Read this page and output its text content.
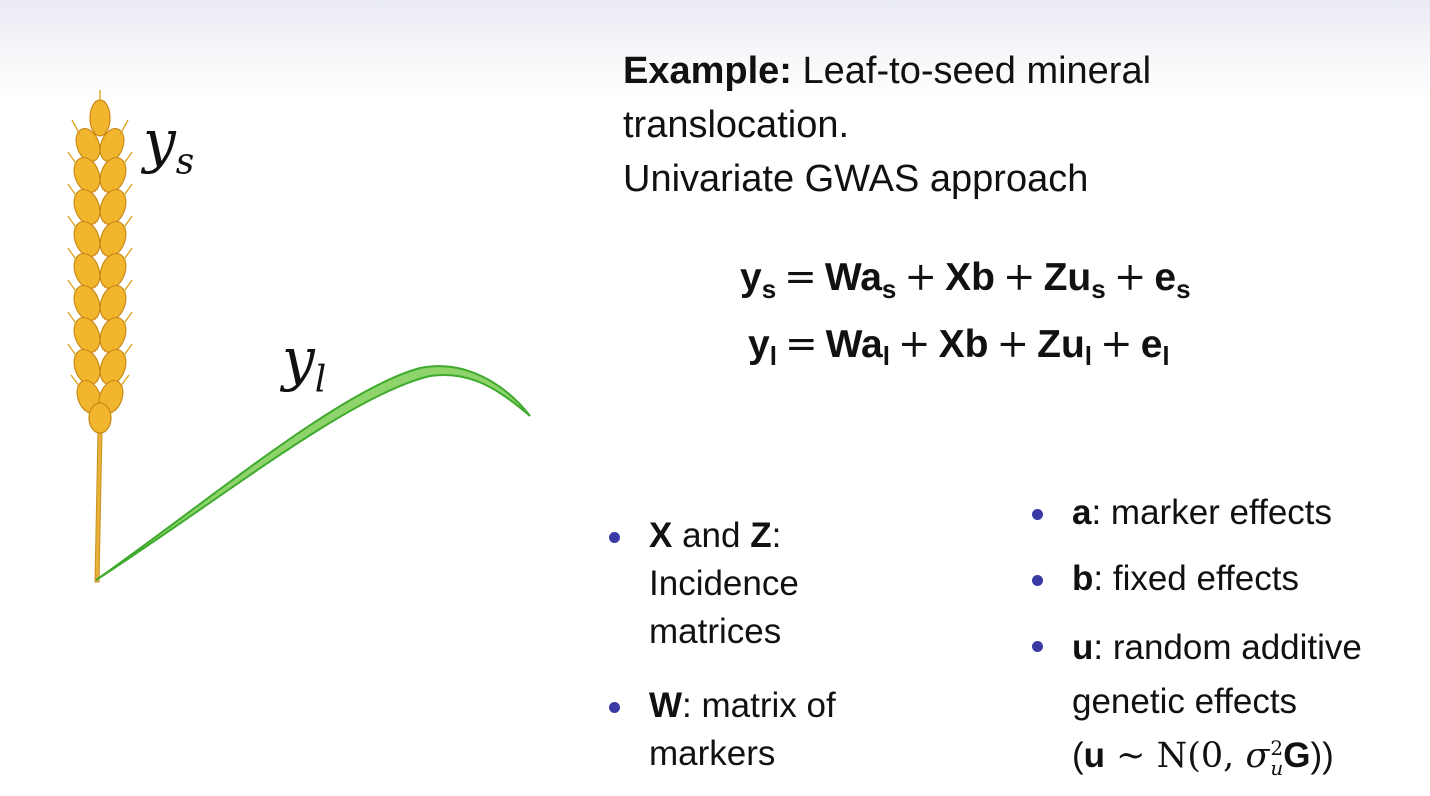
$y_s$
$y_l$
Example: Leaf-to-seed mineral
translocation.
Univariate GWAS approach
$y_s = Wa_s + Xb + Zu_s + e_s$
$y_l = Wa_l + Xb + Zu_l + e_l$
X and Z:
Incidence matrices
W: matrix of markers
a: marker effects
b: fixed effects
u: random additive genetic effects
(u ~ N(0, σ 2
u G))
